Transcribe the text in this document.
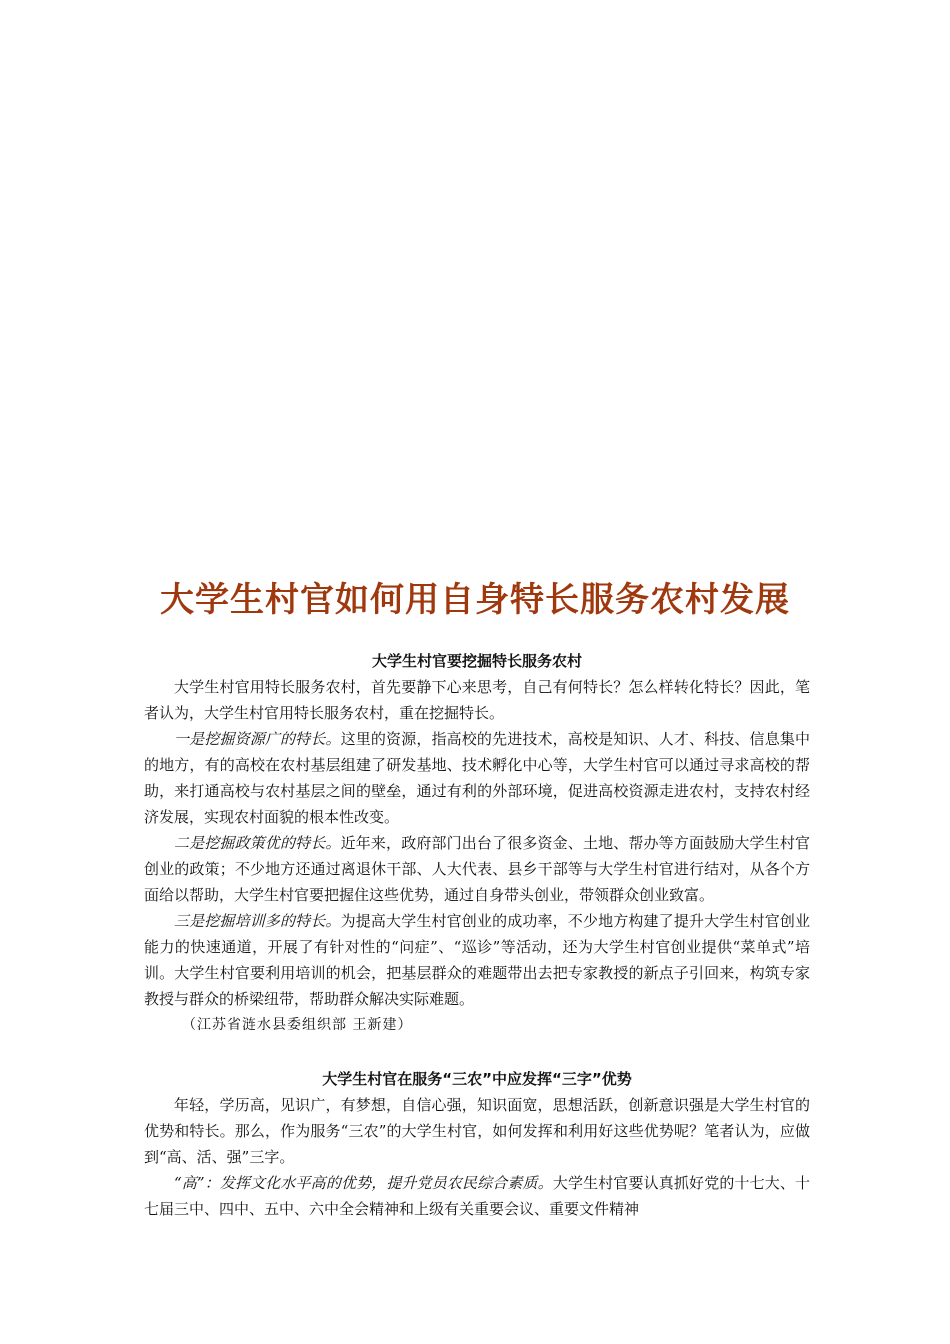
大学生村官如何用自身特长服务农村发展
大学生村官要挖掘特长服务农村

大学生村官用特长服务农村，首先要静下心来思考，自己有何特长？怎么样转化特长？因此，笔者认为，大学生村官用特长服务农村，重在挖掘特长。

一是挖掘资源广的特长。这里的资源，指高校的先进技术，高校是知识、人才、科技、信息集中的地方，有的高校在农村基层组建了研发基地、技术孵化中心等，大学生村官可以通过寻求高校的帮助，来打通高校与农村基层之间的壁垒，通过有利的外部环境，促进高校资源走进农村，支持农村经济发展，实现农村面貌的根本性改变。

二是挖掘政策优的特长。近年来，政府部门出台了很多资金、土地、帮办等方面鼓励大学生村官创业的政策；不少地方还通过离退休干部、人大代表、县乡干部等与大学生村官进行结对，从各个方面给以帮助，大学生村官要把握住这些优势，通过自身带头创业，带领群众创业致富。

三是挖掘培训多的特长。为提高大学生村官创业的成功率，不少地方构建了提升大学生村官创业能力的快速通道，开展了有针对性的“问症”、“巡诊”等活动，还为大学生村官创业提供“菜单式”培训。大学生村官要利用培训的机会，把基层群众的难题带出去把专家教授的新点子引回来，构筑专家教授与群众的桥梁纽带，帮助群众解决实际难题。

（江苏省涟水县委组织部 王新建）

大学生村官在服务“三农”中应发挥“三字”优势

年轻，学历高，见识广，有梦想，自信心强，知识面宽，思想活跃，创新意识强是大学生村官的优势和特长。那么，作为服务“三农”的大学生村官，如何发挥和利用好这些优势呢？笔者认为，应做到“高、活、强”三字。

“高”：发挥文化水平高的优势，提升党员农民综合素质。大学生村官要认真抓好党的十七大、十七届三中、四中、五中、六中全会精神和上级有关重要会议、重要文件精神
